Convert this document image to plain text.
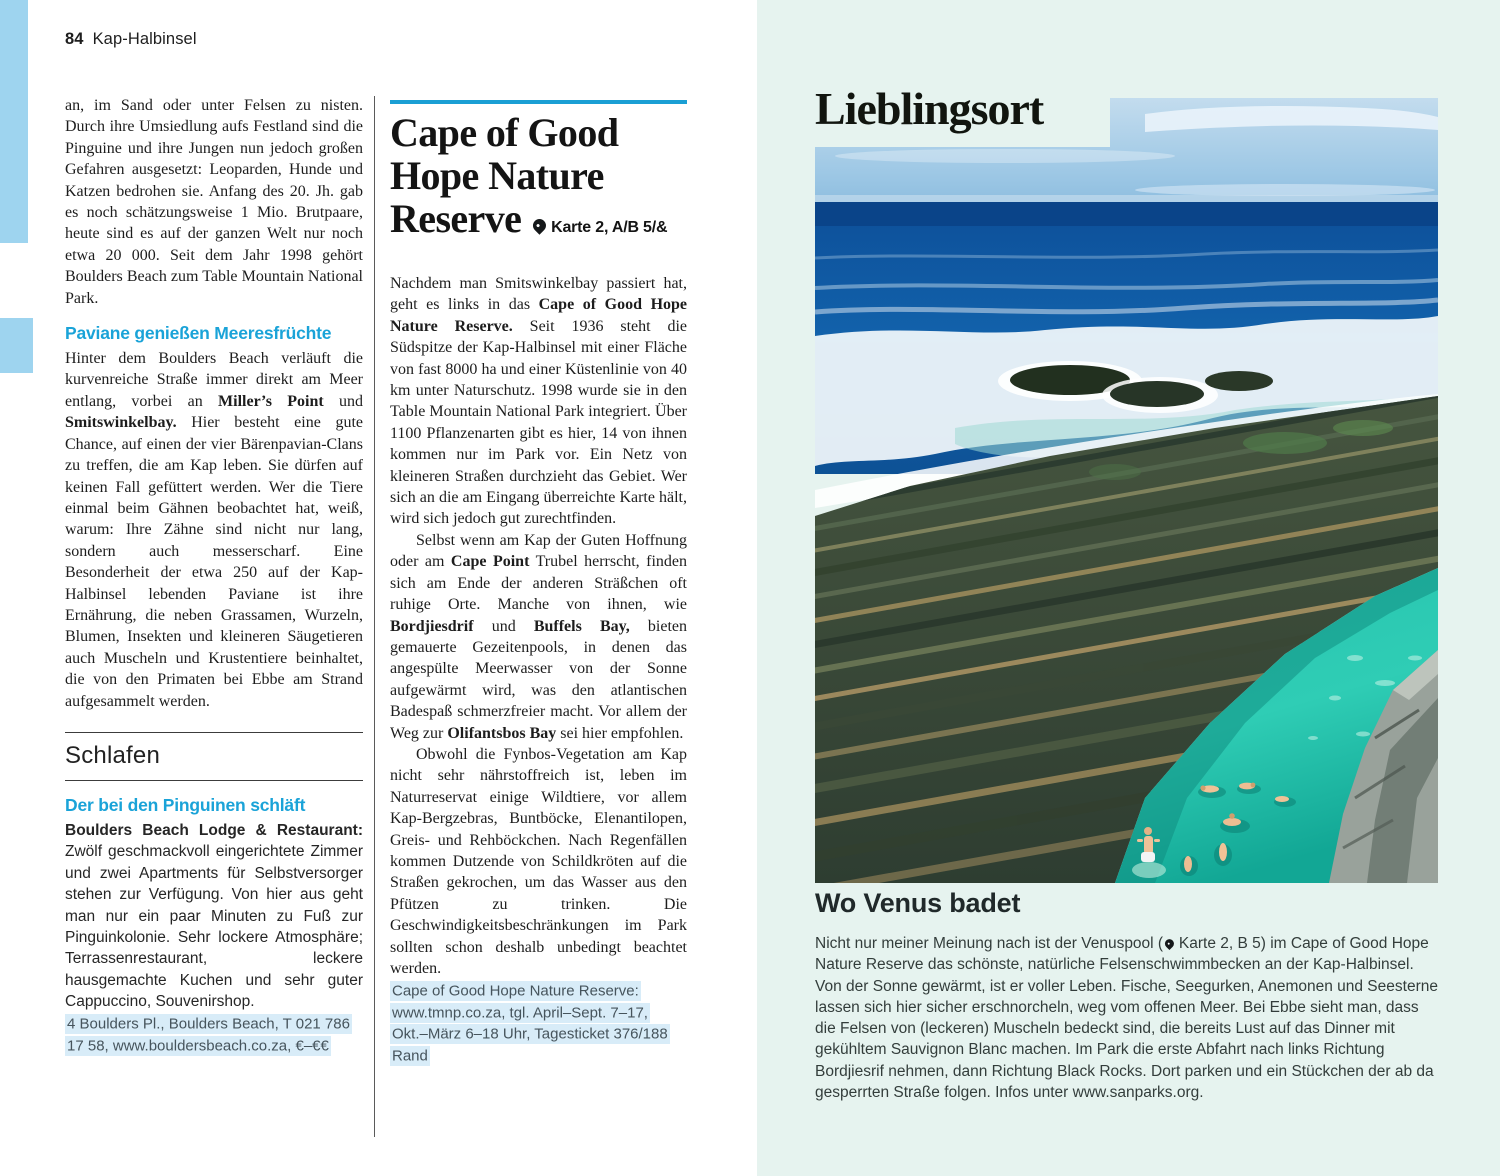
84 Kap-Halbinsel

an, im Sand oder unter Felsen zu nisten. Durch ihre Umsiedlung aufs Festland sind die Pinguine und ihre Jungen nun jedoch großen Gefahren ausgesetzt: Leoparden, Hunde und Katzen bedrohen sie. Anfang des 20. Jh. gab es noch schätzungsweise 1 Mio. Brutpaare, heute sind es auf der ganzen Welt nur noch etwa 20 000. Seit dem Jahr 1998 gehört Boulders Beach zum Table Mountain National Park.

Paviane genießen Meeresfrüchte

Hinter dem Boulders Beach verläuft die kurvenreiche Straße immer direkt am Meer entlang, vorbei an Miller’s Point und Smitswinkelbay. Hier besteht eine gute Chance, auf einen der vier Bärenpavian-Clans zu treffen, die am Kap leben. Sie dürfen auf keinen Fall gefüttert werden. Wer die Tiere einmal beim Gähnen beobachtet hat, weiß, warum: Ihre Zähne sind nicht nur lang, sondern auch messerscharf. Eine Besonderheit der etwa 250 auf der Kap-Halbinsel lebenden Paviane ist ihre Ernährung, die neben Grassamen, Wurzeln, Blumen, Insekten und kleineren Säugetieren auch Muscheln und Krustentiere beinhaltet, die von den Primaten bei Ebbe am Strand aufgesammelt werden.

Schlafen
Der bei den Pinguinen schläft

Boulders Beach Lodge & Restaurant: Zwölf geschmackvoll eingerichtete Zimmer und zwei Apartments für Selbstversorger stehen zur Verfügung. Von hier aus geht man nur ein paar Minuten zu Fuß zur Pinguinkolonie. Sehr lockere Atmosphäre; Terrassenrestaurant, leckere hausgemachte Kuchen und sehr guter Cappuccino, Souvenirshop.

4 Boulders Pl., Boulders Beach, T 021 786 17 58, www.bouldersbeach.co.za, €–€€

Cape of Good
Hope Nature
Reserve	Karte 2, A/B 5/&

Nachdem man Smitswinkelbay passiert hat, geht es links in das Cape of Good Hope Nature Reserve. Seit 1936 steht die Südspitze der Kap-Halbinsel mit einer Fläche von fast 8000 ha und einer Küstenlinie von 40 km unter Naturschutz. 1998 wurde sie in den Table Mountain National Park integriert. Über 1100 Pflanzenarten gibt es hier, 14 von ihnen kommen nur im Park vor. Ein Netz von kleineren Straßen durchzieht das Gebiet. Wer sich an die am Eingang überreichte Karte hält, wird sich jedoch gut zurechtfinden.

Selbst wenn am Kap der Guten Hoffnung oder am Cape Point Trubel herrscht, finden sich am Ende der anderen Sträßchen oft ruhige Orte. Manche von ihnen, wie Bordjiesdrif und Buffels Bay, bieten gemauerte Gezeitenpools, in denen das angespülte Meerwasser von der Sonne aufgewärmt wird, was den atlantischen Badespaß schmerzfreier macht. Vor allem der Weg zur Olifantsbos Bay sei hier empfohlen.

Obwohl die Fynbos-Vegetation am Kap nicht sehr nährstoffreich ist, leben im Naturreservat einige Wildtiere, vor allem Kap-Bergzebras, Buntböcke, Elenantilopen, Greis- und Rehböckchen. Nach Regenfällen kommen Dutzende von Schildkröten auf die Straßen gekrochen, um das Wasser aus den Pfützen zu trinken. Die Geschwindigkeitsbeschränkungen im Park sollten schon deshalb unbedingt beachtet werden.

Cape of Good Hope Nature Reserve: www.tmnp.co.za, tgl. April–Sept. 7–17, Okt.–März 6–18 Uhr, Tagesticket 376/188 Rand

Lieblingsort
Wo Venus badet

Nicht nur meiner Meinung nach ist der Venuspool ( Karte 2, B 5) im Cape of Good Hope Nature Reserve das schönste, natürliche Felsenschwimmbecken an der Kap-Halbinsel. Von der Sonne gewärmt, ist er voller Leben. Fische, Seegurken, Anemonen und Seesterne lassen sich hier sicher erschnorcheln, weg vom offenen Meer. Bei Ebbe sieht man, dass die Felsen von (leckeren) Muscheln bedeckt sind, die bereits Lust auf das Dinner mit gekühltem Sauvignon Blanc machen. Im Park die erste Abfahrt nach links Richtung Bordjiesrif nehmen, dann Richtung Black Rocks. Dort parken und ein Stückchen der ab da gesperrten Straße folgen. Infos unter www.sanparks.org.
